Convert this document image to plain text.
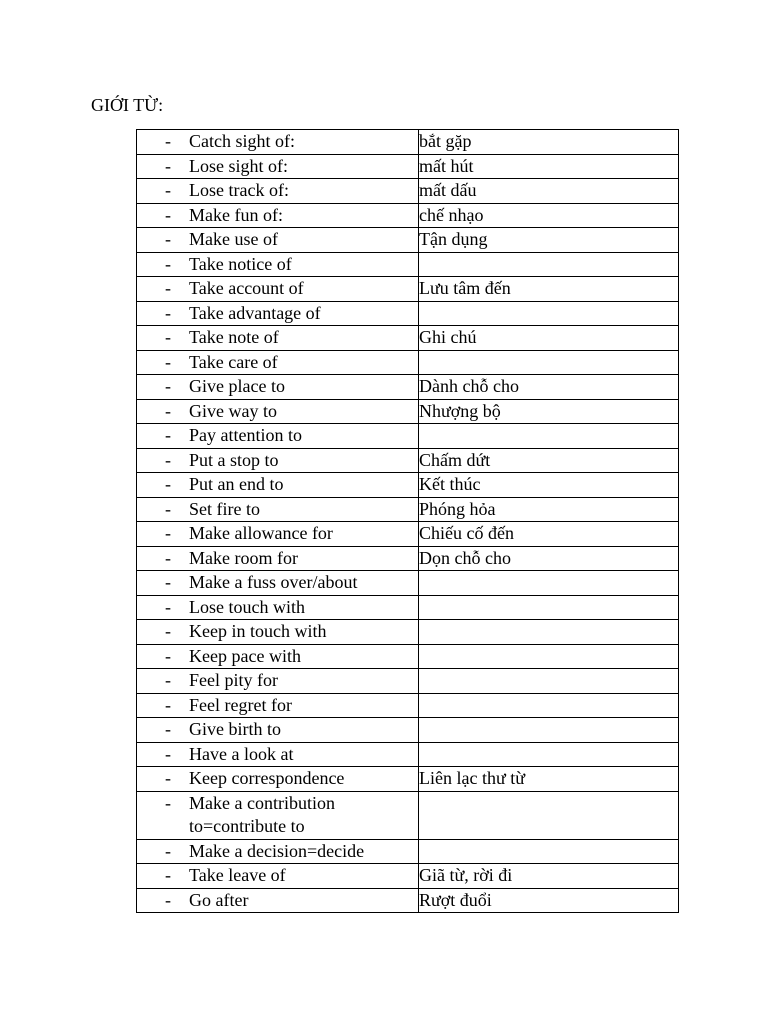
GIỚI TỪ:
- Catch sight of:	bắt gặp

- Lose sight of:	mất hút

- Lose track of:	mất dấu

- Make fun of:	chế nhạo

- Make use of	Tận dụng

- Take notice of	

- Take account of	Lưu tâm đến

- Take advantage of	

- Take note of	Ghi chú

- Take care of	

- Give place to	Dành chỗ cho

- Give way to	Nhượng bộ

- Pay attention to	

- Put a stop to	Chấm dứt

- Put an end to	Kết thúc

- Set fire to	Phóng hỏa

- Make allowance for	Chiếu cố đến

- Make room for	Dọn chỗ cho

- Make a fuss over/about	

- Lose touch with	

- Keep in touch with	

- Keep pace with	

- Feel pity for	

- Feel regret for	

- Give birth to	

- Have a look at	

- Keep correspondence	Liên lạc thư từ

- Make a contribution to=contribute to	

- Make a decision=decide	

- Take leave of	Giã từ, rời đi

- Go after	Rượt đuổi
